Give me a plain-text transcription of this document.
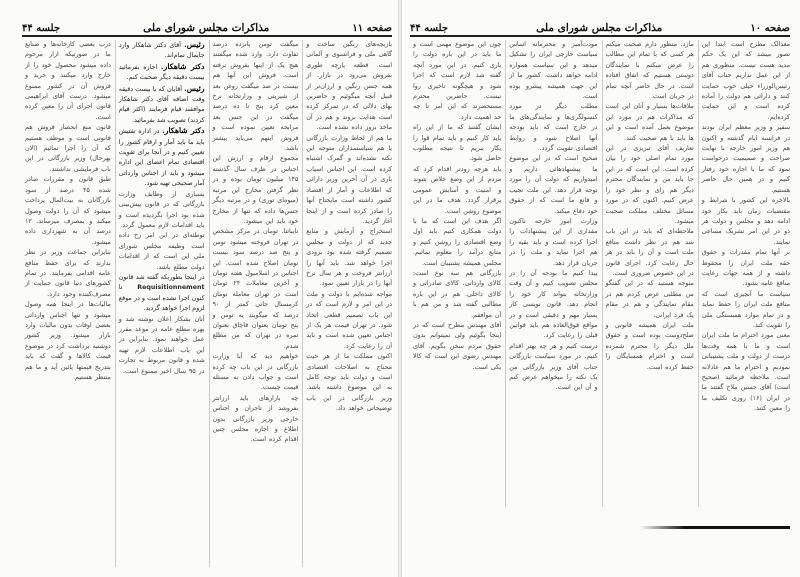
صفحه ۱۱
مذاکرات مجلس شورای ملی
جلسه ۴۴

بازیچه‌های رنگین ساخت و گاهی ملی و فرانسوی و آلمانی است. قطعه پارچه طوری بفروش می‌رود در بازار. از همه جنس رنگین و ارزان‌تر از قبیل آنچه میگوئیم و حاضرین بهای دلالی که در تمرکز کرده است هدایت بروند و هم در آن ماخذ بروز داده نشده است.

ما هم از لحاظ وزارت بازرگانی یا هم سیاستمداران متوجه این نکته نشده‌اند و گمرک اشتباه کرده است. این اجناس اسیاب بازی در آن آخرین وزیر دارائی که اطلاعات و آمار از اقتصاد کشور داشته است مایحتاج آنها را صادر کرده است و از اینجا آغاز گردید.

استخراج و آزمایش و منابع جدید که از دولت و مجلس تصمیم گرفته شده بود بزودی اجرا خواهد شد. باید آنها را ارزانتر فروخت و هر سال نرخ آنها را در بازار تعیین نمود.

مواجه شده‌ایم با دولت و ملت در این امر و لازم است که در این باب تصمیم قطعی اتخاذ شود. در تهران قیمت هر یک از اجناس تعیین شده است و باید آن را رعایت کرد.

اکنون مملکت ما از هر حیث محتاج به اصلاحات اقتصادی است و دولت باید توجه کامل به این موضوع داشته باشد. وزیر بازرگانی در این باب توضیحاتی خواهد داد.

میگفت تومن پانزده درصد تفاوت دارد. وارد شده میگفتند هیچ یک از اینها بفروش نرفته است. فروش این آنها هم بیست در صد میگفت روغن بعد از شیرینی و وزارتخانه نرخ معین کرد پنج تا ده درصد میگفت در این جنس بعد مرابحه تعیین نموده است و فروش اینهم می‌باید بیشتر باشد.

مجموع ارقام و ارزش این اجناس در ظرف سال گذشته ۱۴۵ میلیون تومان بوده و در نظر گرفتن مخارج این مرتبه (میوه‌ای توری) و در مرتبه دیگر جنس‌ها داده که تنها از مخارج خود باید این میشود.

تایباتنا. تومان در مرکز مشخص در تهران فروخته میشود تومن و پنج صد درصد سود بیست تومان اصلاح شده است. این اجناس در اسلامیول هفته تومان و آخرین معاملات ۲۴ تومان است در تهران معامله تومان کرمسنال جانی کمتر از ۹۰ درصد که میگویند یه تومن و پنج تومان بعنوان قاچاق بعنوان تمره در تهران که من مطلع شدم.

خواهیم دید که آیا وزارت بازرگانی در این باب چه کرده است و جواب دادن به مسئله قیمت چیست.

چه بازارهای باید ارزانتر بفروشد از تاجران و اجناس خارجی وزیر بازرگانی بدون اطلاع و اجازه مجلس چنین اقدام کرده است.

رئیس. آقای دکتر شاهکار وارد جایمال تمام‌اند.

دکتر شاهکار. اجازه بفرمائید بیست دقیقه دیگر صحبت کنم.

رئیس. آقایان که با بیست دقیقه وقت اضافه آقای دکتر شاهکار موافقند قیام فرمایند (اکثر قیام کردند) تصویب شد بفرمائید.

دکتر شاهکار. در اداره تفتیش باید ما باید آمار و ارقام کشور را تعیین کنیم و در آنجا برای تقویت اقتصادی تمام اعضای این اداره میشود و باید از اجناس وارداتی آمار صحیحی تهیه شود.

بسیاری از وظایف وزارت بازرگانی که در قانون پیش‌بینی شده بود اجرا نگردیده است و باید اقدامات لازم معمول گردد.

توطئه‌ای در این امر رخ داده است وظیفه مجلس شورای ملی این است که از اقدامات دولت مطلع باشد.

در اینجا بطوریکه گفته شد قانون Requisitionnement تا کنون اجرا نشده است و در موقع لزوم اجرا خواهد گردید.

آنان بشکار اعلان نوشته شد و بهره مطلع عامه در موعد مقرر عمل خواهند نمود. بنابراین در این باب اطلاعات لازم تهیه شده و قانون مربوط به تجارت در ۹۵ سال اخیر ممنوع است.

درب بعضی کارخانه‌ها و صنایع ما در صورتیکه ازار مرحوم داده میشود محصول خود را از خارج وارد میکنند و خرید و فروش آن در کشور ممنوع میشود. درست آقای ابراهیمی قانون اجرای آن را معین کرده است.

قانون منع انحصار فروش هم قانونی است و موظف هستیم که آن را اجرا نمائیم (الان بهرحال) وزیر بازرگانی در این باب فرمایشی نداشتند.

طبق قانون و مقررات صادر شده ۴۵ درصد از سود بازرگانان به بیت‌المال پرداخت میشود که آن را دولت وصول میکند و بمصرف میرساند. ۱۲ درصد آن به شهرداری داده میشود.

بنابراین جماعت وزیر در نظر ندارند که برای حفظ منافع عامه اقدامی بفرمایند. در تمام کشورهای دنیا قانون حمایت از مصرف‌کننده وجود دارد.

مالیات‌ها در اینجا همه وصول میشود و تنها اجناس وارداتی بعضی اوقات بدون مالیات وارد بازار میشود. وزیر کشور دوشنبه برداشت کرد در موضوع قیمت کالاها و گفت که باید بتدریج قیمتها پائین آید و ما هم منتظر هستیم.

صفحه ۱۰
مذاکرات مجلس شورای ملی
جلسه ۴۴

معذالک مطرح است ابتدا این تصور میشد که این یک حکم مدید هست نیست. منظوری هم از این عمل نداریم جناب آقای رئیس‌الوزراء خیلی خوب حمایت کنند و دارائی هم دولت را آماده کرده است و این حمایت کرده‌ایم.

سفیر و وزیر معظم ایران بودند در فرانسه ایام گذشته و اکنون هم وزیر امور خارجه با نهایت صراحت و صمیمیت درخواست نمود که ما با اجازه خود رفتار کنیم و در همین حال حاضر هستیم.

بالاخره این کشور با شرایط و مقتضیات زمان باید بکار خود ادامه دهد و مجلس و دولت هر دو در این امر تشریک مساعی نمایند.

بر آنها تمام مقدرات و حقوق حقه ملت ایران را محفوظ داشته و از همه جهات رعایت منافع عامه بشود.

سیاست ما آنچیزی است که منافع ملت ایران را حفظ نماید و در تمام موارد همبستگی ملی را تقویت کند.

معنی مورد احترام ما ملت ایران است و ما با همه وقت‌ها درست از دولت و ملت پشتیبانی نمودیم و احترام ما هم عادلانه است. ملاحظه فرمائید (صحیح است) آقای حسین ملاح گفتند ما در ایران (۱۶) روزی تکلیف ما را معین کنند.

مازد. منظور دارم صحبت میکنم هر کسی که با تمام این مطالب را عرض میکنم با نمایندگان دوستی هستیم که اتفاق افتاده است. در حال حاضر آنچه تمام در جریان است.

ملاقات‌ها بسیار و آنان این است که مذاکرات هم در مورد این موضوع بعمل آمده است و این ها باید با هم صحبت کنند.

تعاریف آقای تبریزی در این مورد تمام اصلی خود را بیان کرده است. این است که در این جا باید من و نمایندگان محترم دیگر هم رای و نظر خود را عرض کنیم. اکنون که در مورد مسائل مختلف مملکت صحبت میشود.

ملاحظه‌ای که باید در این باب شد هم در نظر داشت منافع ملت است و آن را باید در هر حال رعایت کرد. اجرای قانون در این خصوص ضروری است.

متوجه هستید که در این گفتگو من مطلبی عرض کردم هم در مقام نمایندگی و هم در مقام یک فرد ایرانی.

ملت ایران همیشه قانونی و صلح‌دوست بوده است و حقوق ملل دیگر را محترم شمرده است و احترام همسایگان را حفظ کرده است.

مودت‌آمیز و محترمانه اساس سیاست خارجی ایران را تشکیل میدهد و این سیاست همواره ادامه خواهد داشت. کشور ما از این جهت همیشه پیشرو بوده است.

مطلب دیگر در مورد کنسولگری‌ها و نمایندگی‌های ما در خارج است که باید بودجه آنها اصلاح شود و روابط اقتصادی تقویت گردد.

صحیح است که در این موضوع ما پیشنهادهائی داریم و امیدواریم که دولت آن را مورد توجه قرار دهد. این ملت نجیب و قانع ما است که از حقوق خود دفاع میکند.

وزارت امور خارجه تاکنون مقداری از این پیشنهادات را اجرا کرده است و باید بقیه را هم اجرا نماید و ملت را در جریان قرار دهد.

پیدا کنیم ما بودجه آن را در مجلس تصویب کنیم و آن وقت وزارتخانه بتواند کار خود را انجام دهد. قانون نویسی کار بسیار مهم و دقیقی است و در مواقع فوق‌العاده هم باید قوانین قبلی را رعایت کرد.

درست کنیم و هر چه بهتر اقدام کنیم. در مورد سیاست بازرگانی جناب آقای وزیر بازرگانی من یک نکته را میخواهم عرض کنم و آن این است.

چون این موضوع مهمی است و ما باید در این باره دولت را یاری کنیم. در این مورد آنچه گفته شد لازم است که اجرا شود و هیچگونه تاخیری روا نیست. حاضرین محترم مستحضرند که این امر تا چه حد اهمیت دارد.

ایشان گفتند که ما از این راه باید کار کنیم و باید تمام قوا را بکار ببریم تا نتیجه مطلوب حاصل شود.

باید هرچه زودتر اقدام کرد که مردم از این وضع خلاص شوند و امنیت و آسایش عمومی برقرار گردد. هدف ما در این موضوع روشن است.

اگر هدف این است که ما با دولت همکاری کنیم باید اول وضع اقتصادی را روشن کنیم و منابع درآمد را معلوم نمائیم. مجلس همیشه پشتیبان است.

بازرگانی هم سه نوع است: کالای وارداتی، کالای صادراتی و کالای داخلی. هم در این باره مطالبی گفته شد و من هم با آن موافقم.

آقای مهندس مطرح است که در اینجا بگوئیم ولی نمیتوانم بدون حقوق مردم سخن بگویم. آقای مهندس رضوی این است که کالا یکی است.
